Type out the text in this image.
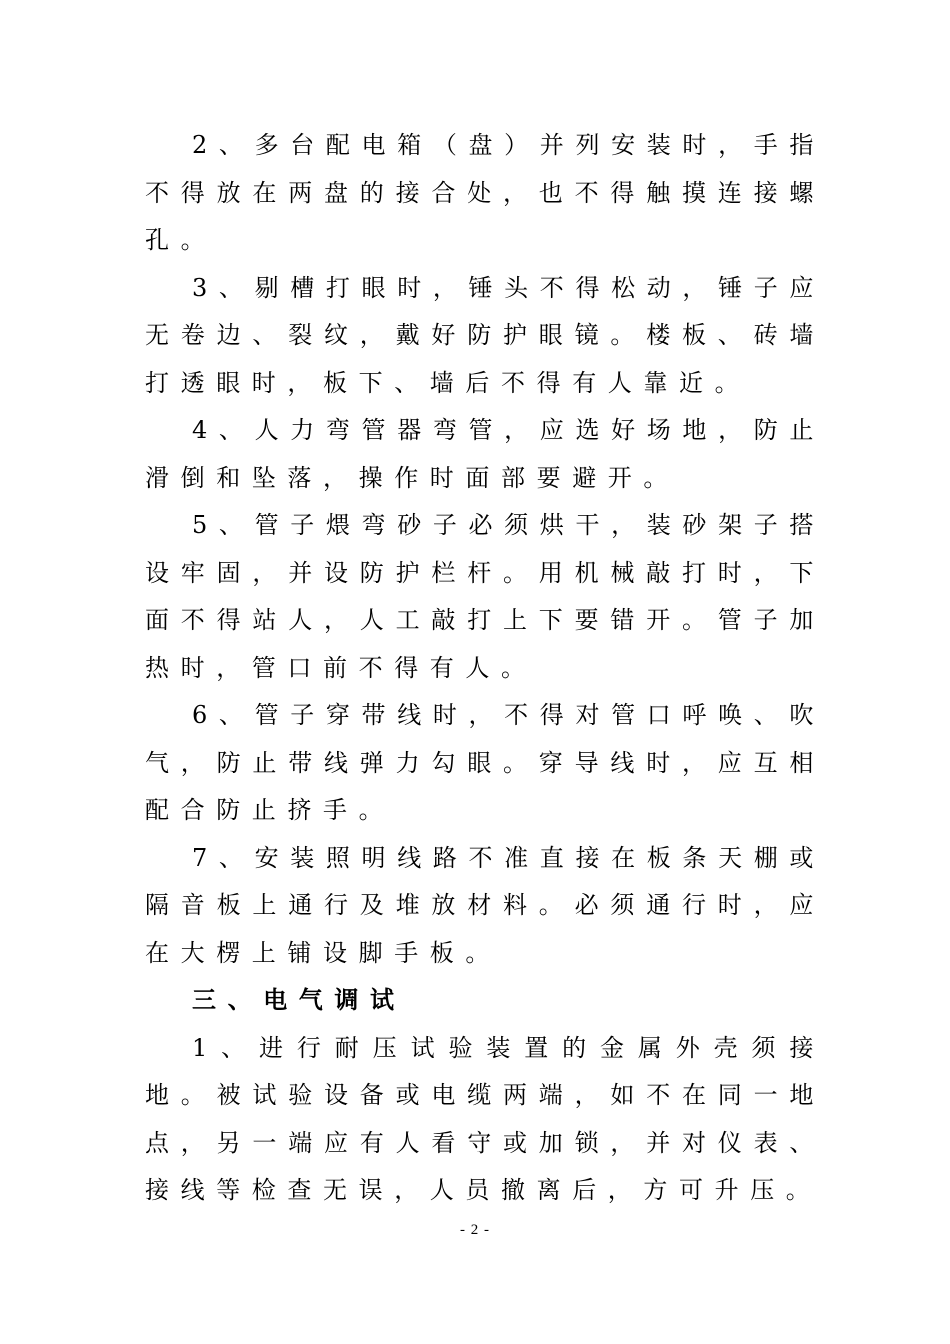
2、多台配电箱（盘）并列安装时，手指不得放在两盘的接合处，也不得触摸连接螺孔。

3、剔槽打眼时，锤头不得松动，锤子应无卷边、裂纹，戴好防护眼镜。楼板、砖墙打透眼时，板下、墙后不得有人靠近。

4、人力弯管器弯管，应选好场地，防止滑倒和坠落，操作时面部要避开。

5、管子煨弯砂子必须烘干，装砂架子搭设牢固，并设防护栏杆。用机械敲打时，下面不得站人，人工敲打上下要错开。管子加热时，管口前不得有人。

6、管子穿带线时，不得对管口呼唤、吹气，防止带线弹力勾眼。穿导线时，应互相配合防止挤手。

7、安装照明线路不准直接在板条天棚或隔音板上通行及堆放材料。必须通行时，应在大楞上铺设脚手板。

三、电气调试

1、进行耐压试验装置的金属外壳须接地。被试验设备或电缆两端，如不在同一地点，另一端应有人看守或加锁，并对仪表、接线等检查无误，人员撤离后，方可升压。

- 2 -
